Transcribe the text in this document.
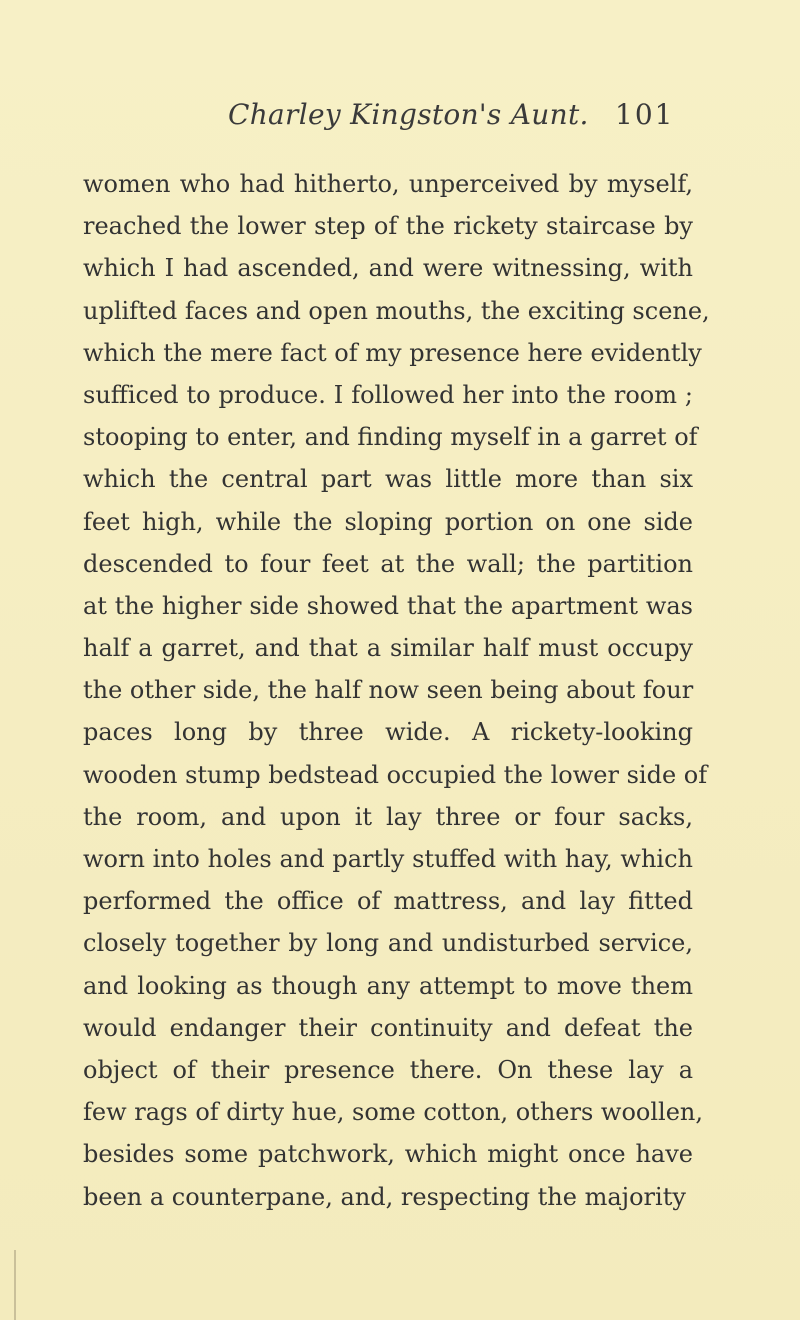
Charley Kingston's Aunt. 101
women who had hitherto, unperceived by myself,
reached the lower step of the rickety staircase by
which I had ascended, and were witnessing, with
uplifted faces and open mouths, the exciting scene,
which the mere fact of my presence here evidently
sufficed to produce. I followed her into the room ;
stooping to enter, and finding myself in a garret of
which the central part was little more than six
feet high, while the sloping portion on one side
descended to four feet at the wall; the partition
at the higher side showed that the apartment was
half a garret, and that a similar half must occupy
the other side, the half now seen being about four
paces long by three wide. A rickety-looking
wooden stump bedstead occupied the lower side of
the room, and upon it lay three or four sacks,
worn into holes and partly stuffed with hay, which
performed the office of mattress, and lay fitted
closely together by long and undisturbed service,
and looking as though any attempt to move them
would endanger their continuity and defeat the
object of their presence there. On these lay a
few rags of dirty hue, some cotton, others woollen,
besides some patchwork, which might once have
been a counterpane, and, respecting the majority
